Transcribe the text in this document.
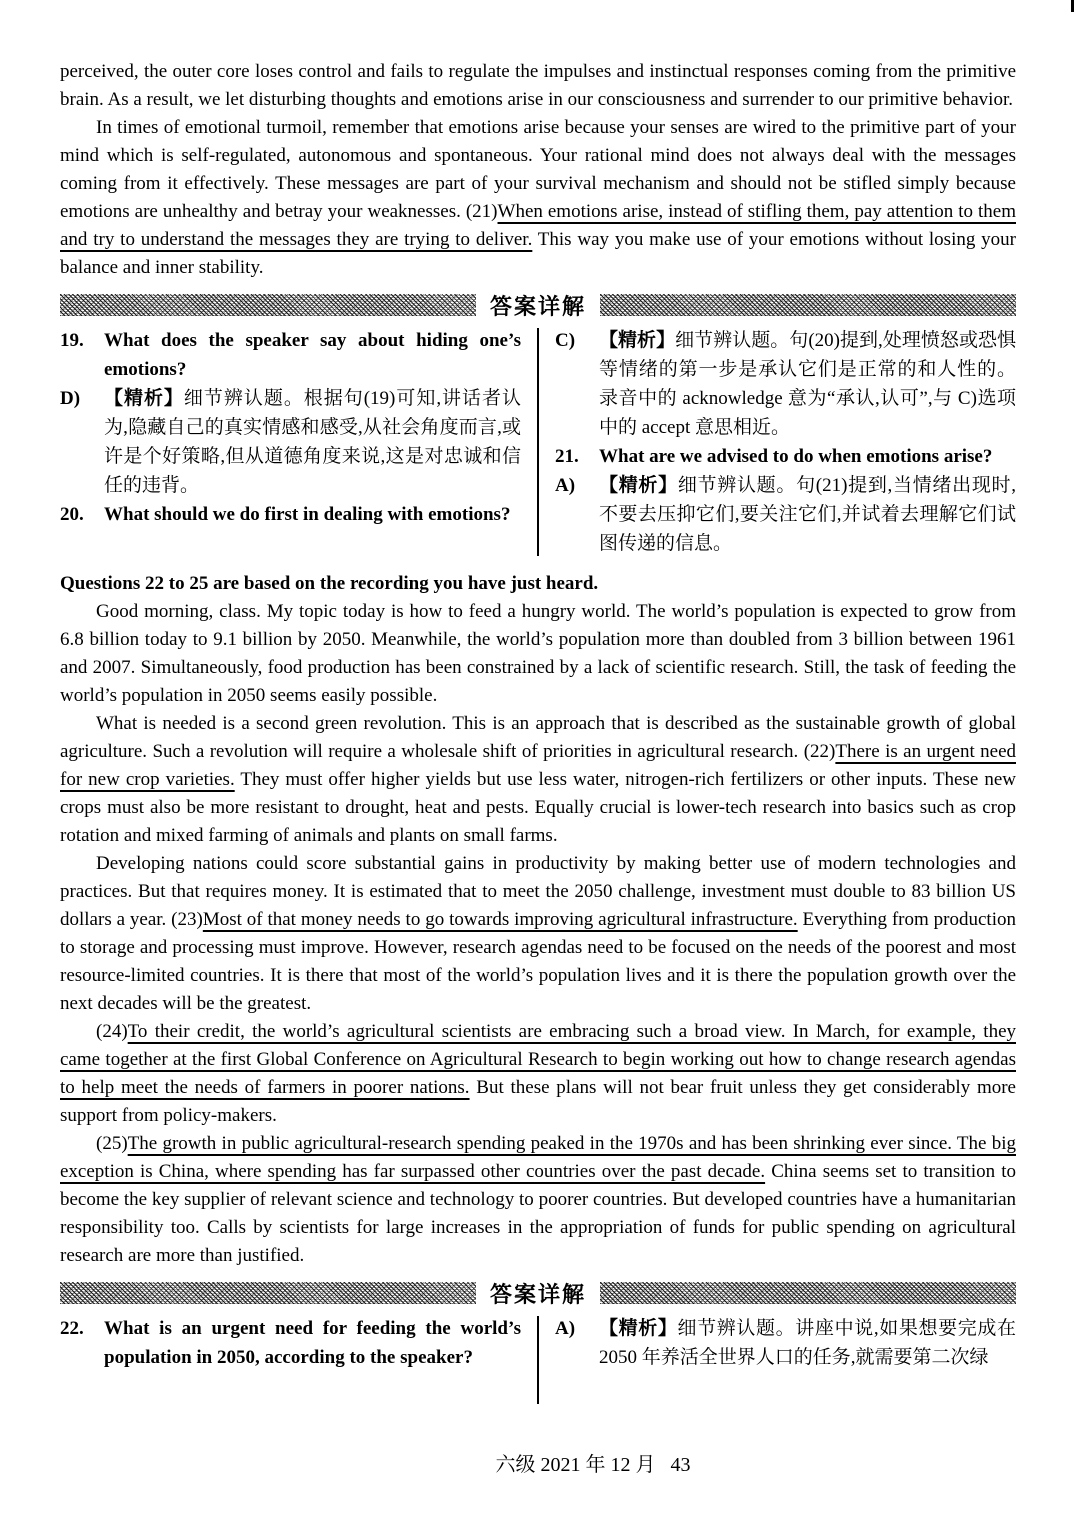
perceived, the outer core loses control and fails to regulate the impulses and instinctual responses coming from the primitive brain. As a result, we let disturbing thoughts and emotions arise in our consciousness and surrender to our primitive behavior.

In times of emotional turmoil, remember that emotions arise because your senses are wired to the primitive part of your mind which is self-regulated, autonomous and spontaneous. Your rational mind does not always deal with the messages coming from it effectively. These messages are part of your survival mechanism and should not be stifled simply because emotions are unhealthy and betray your weaknesses. (21)When emotions arise, instead of stifling them, pay attention to them and try to understand the messages they are trying to deliver. This way you make use of your emotions without losing your balance and inner stability.

答案详解
19. What does the speaker say about hiding one’s emotions?
D) 【精析】细节辨认题。根据句(19)可知,讲话者认为,隐藏自己的真实情感和感受,从社会角度而言,或许是个好策略,但从道德角度来说,这是对忠诚和信任的违背。
20. What should we do first in dealing with emotions?
C) 【精析】细节辨认题。句(20)提到,处理愤怒或恐惧等情绪的第一步是承认它们是正常的和人性的。录音中的 acknowledge 意为“承认,认可”,与 C)选项中的 accept 意思相近。
21. What are we advised to do when emotions arise?
A) 【精析】细节辨认题。句(21)提到,当情绪出现时,不要去压抑它们,要关注它们,并试着去理解它们试图传递的信息。

Questions 22 to 25 are based on the recording you have just heard.

Good morning, class. My topic today is how to feed a hungry world. The world’s population is expected to grow from 6.8 billion today to 9.1 billion by 2050. Meanwhile, the world’s population more than doubled from 3 billion between 1961 and 2007. Simultaneously, food production has been constrained by a lack of scientific research. Still, the task of feeding the world’s population in 2050 seems easily possible.

What is needed is a second green revolution. This is an approach that is described as the sustainable growth of global agriculture. Such a revolution will require a wholesale shift of priorities in agricultural research. (22)There is an urgent need for new crop varieties. They must offer higher yields but use less water, nitrogen-rich fertilizers or other inputs. These new crops must also be more resistant to drought, heat and pests. Equally crucial is lower-tech research into basics such as crop rotation and mixed farming of animals and plants on small farms.

Developing nations could score substantial gains in productivity by making better use of modern technologies and practices. But that requires money. It is estimated that to meet the 2050 challenge, investment must double to 83 billion US dollars a year. (23)Most of that money needs to go towards improving agricultural infrastructure. Everything from production to storage and processing must improve. However, research agendas need to be focused on the needs of the poorest and most resource-limited countries. It is there that most of the world’s population lives and it is there the population growth over the next decades will be the greatest.

(24)To their credit, the world’s agricultural scientists are embracing such a broad view. In March, for example, they came together at the first Global Conference on Agricultural Research to begin working out how to change research agendas to help meet the needs of farmers in poorer nations. But these plans will not bear fruit unless they get considerably more support from policy-makers.

(25)The growth in public agricultural-research spending peaked in the 1970s and has been shrinking ever since. The big exception is China, where spending has far surpassed other countries over the past decade. China seems set to transition to become the key supplier of relevant science and technology to poorer countries. But developed countries have a humanitarian responsibility too. Calls by scientists for large increases in the appropriation of funds for public spending on agricultural research are more than justified.

答案详解
22. What is an urgent need for feeding the world’s population in 2050, according to the speaker?
A) 【精析】细节辨认题。讲座中说,如果想要完成在 2050 年养活全世界人口的任务,就需要第二次绿
六级 2021 年 12 月   43
